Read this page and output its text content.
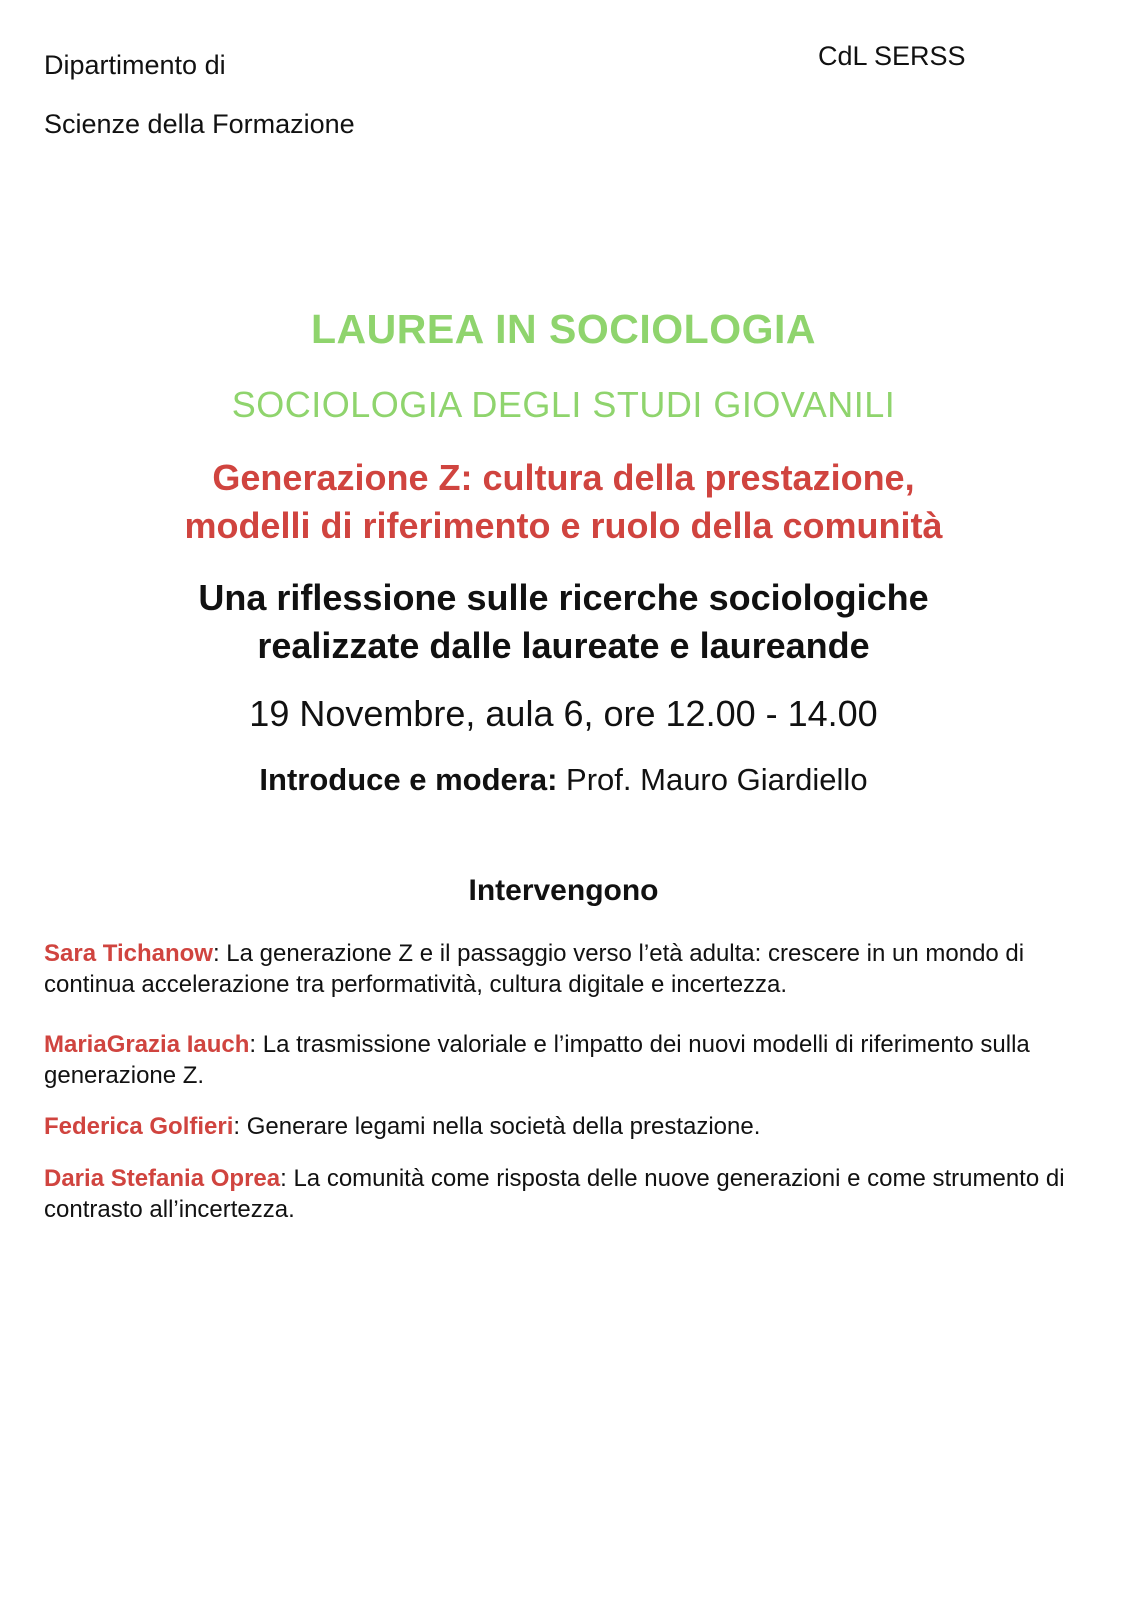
Dipartimento di
Scienze della Formazione
CdL SERSS
LAUREA IN SOCIOLOGIA
SOCIOLOGIA DEGLI STUDI GIOVANILI
Generazione Z: cultura della prestazione,
modelli di riferimento e ruolo della comunità
Una riflessione sulle ricerche sociologiche
realizzate dalle laureate e laureande
19 Novembre, aula 6, ore 12.00 - 14.00
Introduce e modera: Prof. Mauro Giardiello
Intervengono

Sara Tichanow: La generazione Z e il passaggio verso l’età adulta: crescere in un mondo di continua accelerazione tra performatività, cultura digitale e incertezza.

MariaGrazia Iauch: La trasmissione valoriale e l’impatto dei nuovi modelli di riferimento sulla generazione Z.

Federica Golfieri: Generare legami nella società della prestazione.

Daria Stefania Oprea: La comunità come risposta delle nuove generazioni e come strumento di contrasto all’incertezza.
